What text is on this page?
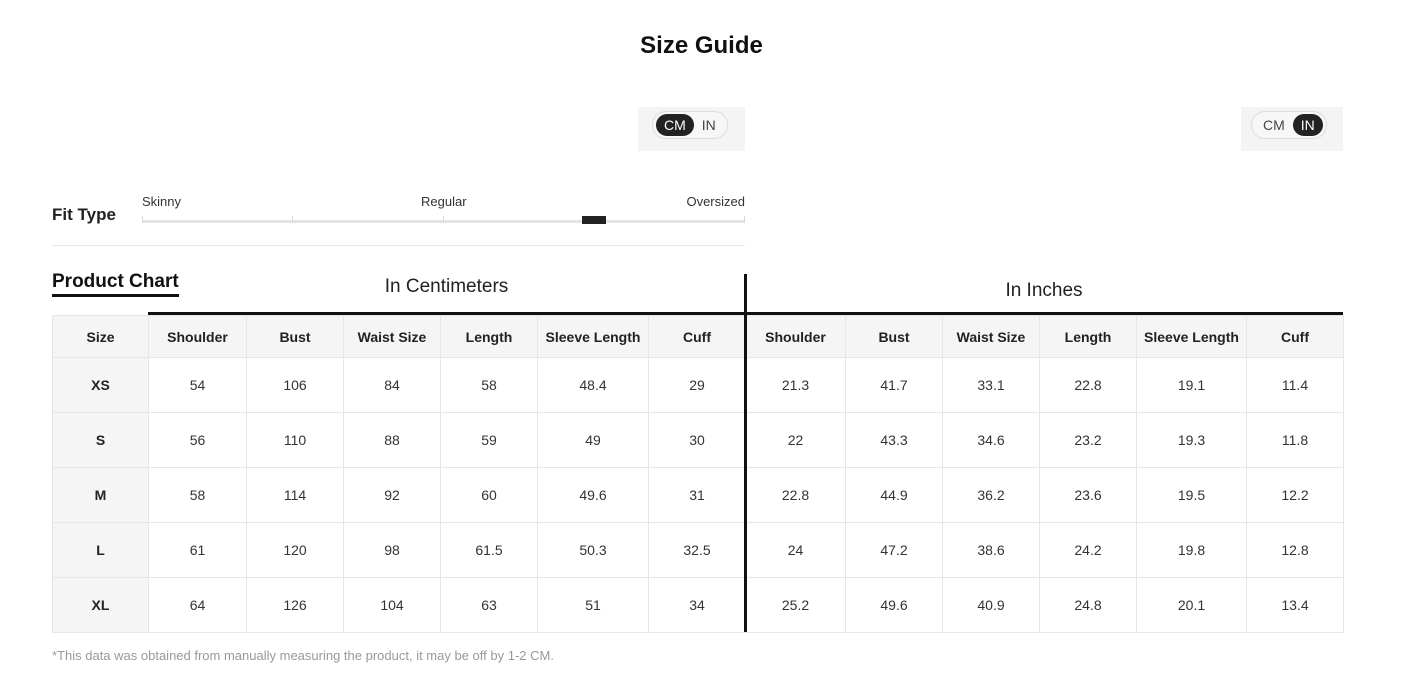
Size Guide
CM	IN	CM	IN
Fit Type
Skinny	Regular	Oversized
Product Chart	In Centimeters	In Inches
Size	Shoulder	Bust	Waist Size	Length	Sleeve Length	Cuff	Shoulder	Bust	Waist Size	Length	Sleeve Length	Cuff
XS	54	106	84	58	48.4	29	21.3	41.7	33.1	22.8	19.1	11.4
S	56	110	88	59	49	30	22	43.3	34.6	23.2	19.3	11.8
M	58	114	92	60	49.6	31	22.8	44.9	36.2	23.6	19.5	12.2
L	61	120	98	61.5	50.3	32.5	24	47.2	38.6	24.2	19.8	12.8
XL	64	126	104	63	51	34	25.2	49.6	40.9	24.8	20.1	13.4
*This data was obtained from manually measuring the product, it may be off by 1-2 CM.
